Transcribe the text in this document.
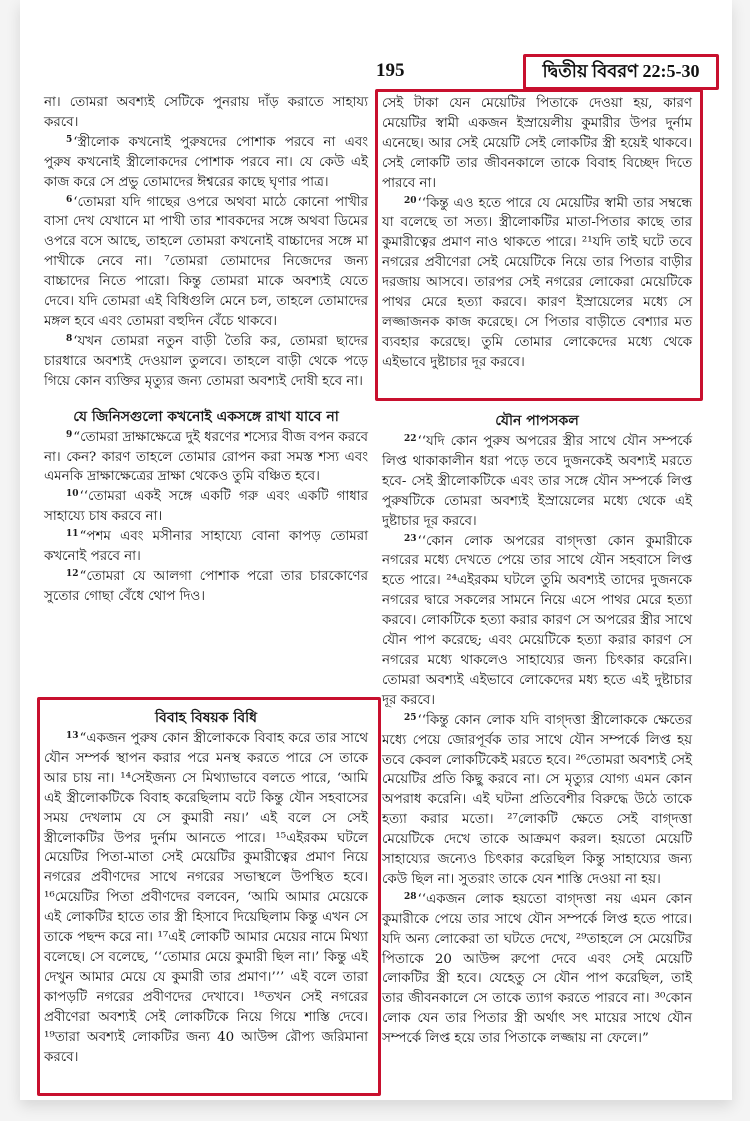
195	দ্বিতীয় বিবরণ 22:5-30

না। তোমরা অবশ্যই সেটিকে পুনরায় দাঁড় করাতে সাহায্য করবে।

$^5$‘স্ত্রীলোক কখনোই পুরুষদের পোশাক পরবে না এবং পুরুষ কখনোই স্ত্রীলোকদের পোশাক পরবে না। যে কেউ এই কাজ করে সে প্রভু তোমাদের ঈশ্বরের কাছে ঘৃণার পাত্র।

$^6$‘তোমরা যদি গাছের ওপরে অথবা মাঠে কোনো পাখীর বাসা দেখ যেখানে মা পাখী তার শাবকদের সঙ্গে অথবা ডিমের ওপরে বসে আছে, তাহলে তোমরা কখনোই বাচ্চাদের সঙ্গে মা পাখীকে নেবে না। ⁷তোমরা তোমাদের নিজেদের জন্য বাচ্চাদের নিতে পারো। কিন্তু তোমরা মাকে অবশ্যই যেতে দেবে। যদি তোমরা এই বিধিগুলি মেনে চল, তাহলে তোমাদের মঙ্গল হবে এবং তোমরা বহুদিন বেঁচে থাকবে।

$^8$‘যখন তোমরা নতুন বাড়ী তৈরি কর, তোমরা ছাদের চারধারে অবশ্যই দেওয়াল তুলবে। তাহলে বাড়ী থেকে পড়ে গিয়ে কোন ব্যক্তির মৃত্যুর জন্য তোমরা অবশ্যই দোষী হবে না।

যে জিনিসগুলো কখনোই একসঙ্গে রাখা যাবে না

$^9$“তোমরা দ্রাক্ষাক্ষেত্রে দুই ধরণের শস্যের বীজ বপন করবে না। কেন? কারণ তাহলে তোমার রোপন করা সমস্ত শস্য এবং এমনকি দ্রাক্ষাক্ষেত্রের দ্রাক্ষা থেকেও তুমি বঞ্চিত হবে।

$^{10}$‘‘তোমরা একই সঙ্গে একটি গরু এবং একটি গাধার সাহায্যে চাষ করবে না।

$^{11}$“পশম এবং মসীনার সাহায্যে বোনা কাপড় তোমরা কখনোই পরবে না।

$^{12}$“তোমরা যে আলগা পোশাক পরো তার চারকোণের সুতোর গোছা বেঁধে থোপ দিও।

বিবাহ বিষয়ক বিধি

$^{13}$“একজন পুরুষ কোন স্ত্রীলোককে বিবাহ করে তার সাথে যৌন সম্পর্ক স্থাপন করার পরে মনস্থ করতে পারে সে তাকে আর চায় না। ¹⁴সেইজন্য সে মিথ্যাভাবে বলতে পারে, ‘আমি এই স্ত্রীলোকটিকে বিবাহ করেছিলাম বটে কিন্তু যৌন সহবাসের সময় দেখলাম যে সে কুমারী নয়।’ এই বলে সে সেই স্ত্রীলোকটির উপর দুর্নাম আনতে পারে। ¹⁵এইরকম ঘটলে মেয়েটির পিতা-মাতা সেই মেয়েটির কুমারীত্বের প্রমাণ নিয়ে নগরের প্রবীণদের সাথে নগরের সভাস্থলে উপস্থিত হবে। ¹⁶মেয়েটির পিতা প্রবীণদের বলবেন, ‘আমি আমার মেয়েকে এই লোকটির হাতে তার স্ত্রী হিসাবে দিয়েছিলাম কিন্তু এখন সে তাকে পছন্দ করে না। ¹⁷এই লোকটি আমার মেয়ের নামে মিথ্যা বলেছে। সে বলেছে, ‘‘তোমার মেয়ে কুমারী ছিল না।’ কিন্তু এই দেখুন আমার মেয়ে যে কুমারী তার প্রমাণ।’’’ এই বলে তারা কাপড়টি নগরের প্রবীণদের দেখাবে। ¹⁸তখন সেই নগরের প্রবীণেরা অবশ্যই সেই লোকটিকে নিয়ে গিয়ে শাস্তি দেবে। ¹⁹তারা অবশ্যই লোকটির জন্য 40 আউন্স রৌপ্য জরিমানা করবে।

সেই টাকা যেন মেয়েটির পিতাকে দেওয়া হয়, কারণ মেয়েটির স্বামী একজন ইস্রায়েলীয় কুমারীর উপর দুর্নাম এনেছে। আর সেই মেয়েটি সেই লোকটির স্ত্রী হয়েই থাকবে। সেই লোকটি তার জীবনকালে তাকে বিবাহ বিচ্ছেদ দিতে পারবে না।

$^{20}$‘‘কিন্তু এও হতে পারে যে মেয়েটির স্বামী তার সম্বন্ধে যা বলেছে তা সত্য। স্ত্রীলোকটির মাতা-পিতার কাছে তার কুমারীত্বের প্রমাণ নাও থাকতে পারে। ²¹যদি তাই ঘটে তবে নগরের প্রবীণেরা সেই মেয়েটিকে নিয়ে তার পিতার বাড়ীর দরজায় আসবে। তারপর সেই নগরের লোকেরা মেয়েটিকে পাথর মেরে হত্যা করবে। কারণ ইস্রায়েলের মধ্যে সে লজ্জাজনক কাজ করেছে। সে পিতার বাড়ীতে বেশ্যার মত ব্যবহার করেছে। তুমি তোমার লোকেদের মধ্যে থেকে এইভাবে দুষ্টাচার দূর করবে।

যৌন পাপসকল

$^{22}$‘‘যদি কোন পুরুষ অপরের স্ত্রীর সাথে যৌন সম্পর্কে লিপ্ত থাকাকালীন ধরা পড়ে তবে দুজনকেই অবশ্যই মরতে হবে- সেই স্ত্রীলোকটিকে এবং তার সঙ্গে যৌন সম্পর্কে লিপ্ত পুরুষটিকে তোমরা অবশ্যই ইস্রায়েলের মধ্যে থেকে এই দুষ্টাচার দূর করবে।

$^{23}$‘‘কোন লোক অপরের বাগ্‌দত্তা কোন কুমারীকে নগরের মধ্যে দেখতে পেয়ে তার সাথে যৌন সহবাসে লিপ্ত হতে পারে। ²⁴এইরকম ঘটলে তুমি অবশ্যই তাদের দুজনকে নগরের দ্বারে সকলের সামনে নিয়ে এসে পাথর মেরে হত্যা করবে। লোকটিকে হত্যা করার কারণ সে অপরের স্ত্রীর সাথে যৌন পাপ করেছে; এবং মেয়েটিকে হত্যা করার কারণ সে নগরের মধ্যে থাকলেও সাহায্যের জন্য চিৎকার করেনি। তোমরা অবশ্যই এইভাবে লোকেদের মধ্য হতে এই দুষ্টাচার দূর করবে।

$^{25}$‘‘কিন্তু কোন লোক যদি বাগ্‌দত্তা স্ত্রীলোককে ক্ষেতের মধ্যে পেয়ে জোরপূর্বক তার সাথে যৌন সম্পর্কে লিপ্ত হয় তবে কেবল লোকটিকেই মরতে হবে। ²⁶তোমরা অবশ্যই সেই মেয়েটির প্রতি কিছু করবে না। সে মৃত্যুর যোগ্য এমন কোন অপরাধ করেনি। এই ঘটনা প্রতিবেশীর বিরুদ্ধে উঠে তাকে হত্যা করার মতো। ²⁷লোকটি ক্ষেতে সেই বাগ্‌দত্তা মেয়েটিকে দেখে তাকে আক্রমণ করল। হয়তো মেয়েটি সাহায্যের জন্যেও চিৎকার করেছিল কিন্তু সাহায্যের জন্য কেউ ছিল না। সুতরাং তাকে যেন শাস্তি দেওয়া না হয়।

$^{28}$‘‘একজন লোক হয়তো বাগ্‌দত্তা নয় এমন কোন কুমারীকে পেয়ে তার সাথে যৌন সম্পর্কে লিপ্ত হতে পারে। যদি অন্য লোকেরা তা ঘটতে দেখে, ²⁹তাহলে সে মেয়েটির পিতাকে 20 আউন্স রুপো দেবে এবং সেই মেয়েটি লোকটির স্ত্রী হবে। যেহেতু সে যৌন পাপ করেছিল, তাই তার জীবনকালে সে তাকে ত্যাগ করতে পারবে না। ³⁰কোন লোক যেন তার পিতার স্ত্রী অর্থাৎ সৎ মায়ের সাথে যৌন সম্পর্কে লিপ্ত হয়ে তার পিতাকে লজ্জায় না ফেলে।”
